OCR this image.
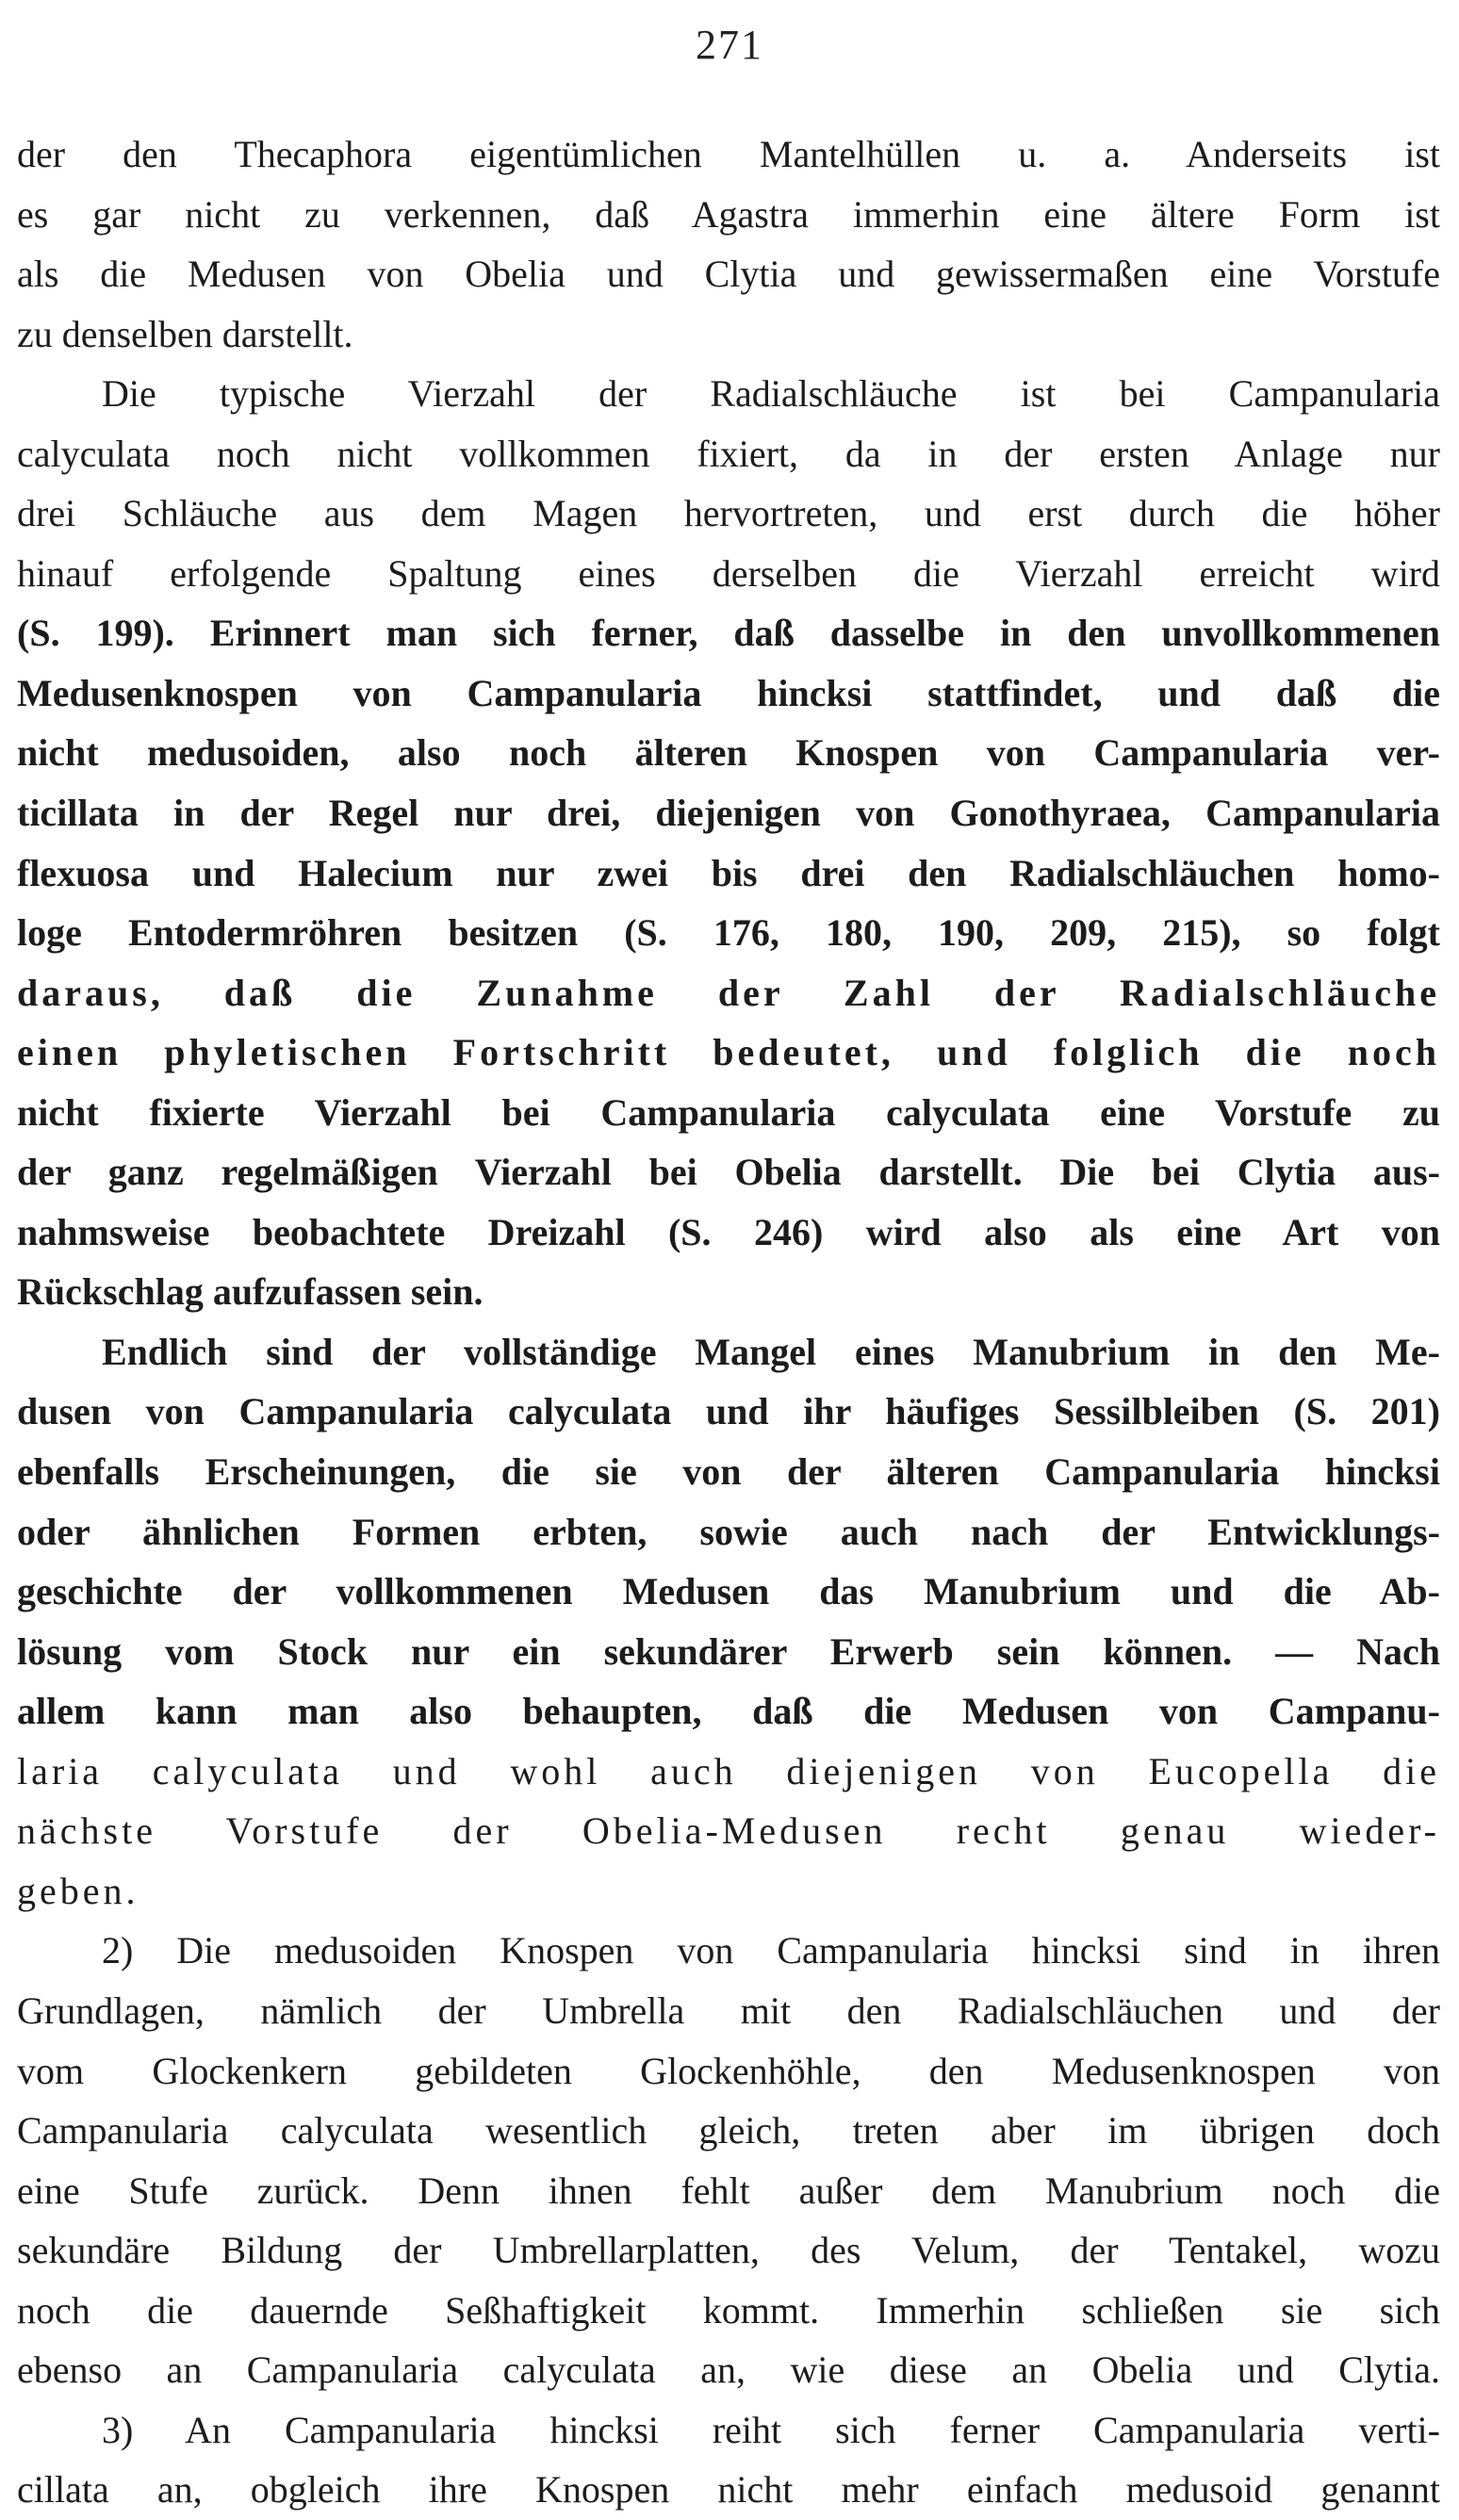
271
der den Thecaphora eigentümlichen Mantelhüllen u. a. Anderseits ist
es gar nicht zu verkennen, daß Agastra immerhin eine ältere Form ist
als die Medusen von Obelia und Clytia und gewissermaßen eine Vorstufe
zu denselben darstellt.
Die typische Vierzahl der Radialschläuche ist bei Campanularia
calyculata noch nicht vollkommen fixiert, da in der ersten Anlage nur
drei Schläuche aus dem Magen hervortreten, und erst durch die höher
hinauf erfolgende Spaltung eines derselben die Vierzahl erreicht wird
(S. 199). Erinnert man sich ferner, daß dasselbe in den unvollkommenen
Medusenknospen von Campanularia hincksi stattfindet, und daß die
nicht medusoiden, also noch älteren Knospen von Campanularia ver-
ticillata in der Regel nur drei, diejenigen von Gonothyraea, Campanularia
flexuosa und Halecium nur zwei bis drei den Radialschläuchen homo-
loge Entodermröhren besitzen (S. 176, 180, 190, 209, 215), so folgt
daraus, daß die Zunahme der Zahl der Radialschläuche
einen phyletischen Fortschritt bedeutet, und folglich die noch
nicht fixierte Vierzahl bei Campanularia calyculata eine Vorstufe zu
der ganz regelmäßigen Vierzahl bei Obelia darstellt. Die bei Clytia aus-
nahmsweise beobachtete Dreizahl (S. 246) wird also als eine Art von
Rückschlag aufzufassen sein.
Endlich sind der vollständige Mangel eines Manubrium in den Me-
dusen von Campanularia calyculata und ihr häufiges Sessilbleiben (S. 201)
ebenfalls Erscheinungen, die sie von der älteren Campanularia hincksi
oder ähnlichen Formen erbten, sowie auch nach der Entwicklungs-
geschichte der vollkommenen Medusen das Manubrium und die Ab-
lösung vom Stock nur ein sekundärer Erwerb sein können. — Nach
allem kann man also behaupten, daß die Medusen von Campanu-
laria calyculata und wohl auch diejenigen von Eucopella die
nächste Vorstufe der Obelia-Medusen recht genau wieder-
geben.
2) Die medusoiden Knospen von Campanularia hincksi sind in ihren
Grundlagen, nämlich der Umbrella mit den Radialschläuchen und der
vom Glockenkern gebildeten Glockenhöhle, den Medusenknospen von
Campanularia calyculata wesentlich gleich, treten aber im übrigen doch
eine Stufe zurück. Denn ihnen fehlt außer dem Manubrium noch die
sekundäre Bildung der Umbrellarplatten, des Velum, der Tentakel, wozu
noch die dauernde Seßhaftigkeit kommt. Immerhin schließen sie sich
ebenso an Campanularia calyculata an, wie diese an Obelia und Clytia.
3) An Campanularia hincksi reiht sich ferner Campanularia verti-
cillata an, obgleich ihre Knospen nicht mehr einfach medusoid genannt
